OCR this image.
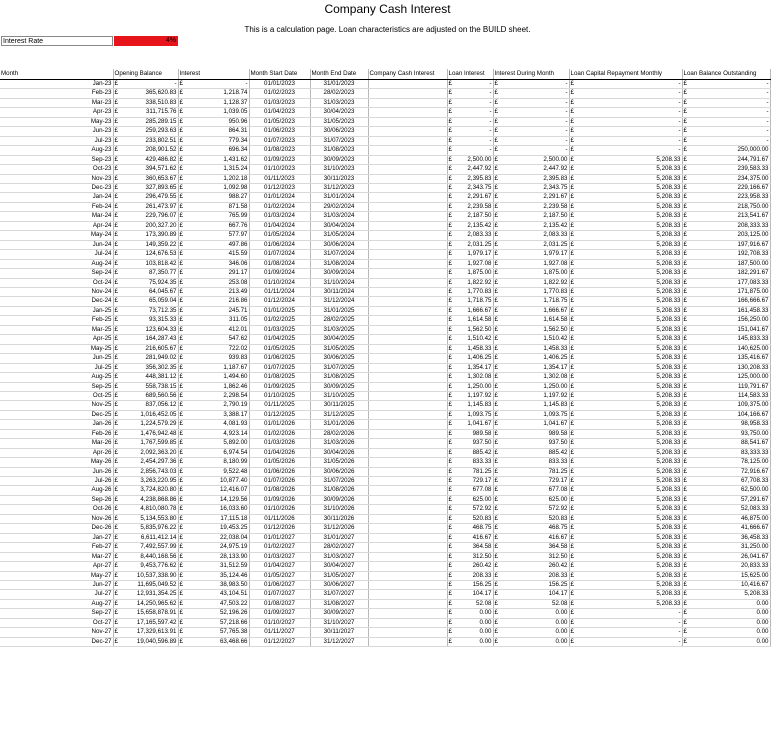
Company Cash Interest
This is a calculation page. Loan characteristics are adjusted on the BUILD sheet.
Interest Rate	4%
Month	Opening Balance	Interest	Month Start Date	Month End Date	Company Cash Interest	Loan Interest	Interest During Month	Loan Capital Repayment Monthly	Loan Balance Outstanding
Jan-23	£ -	£ -	01/01/2023	31/01/2023		£ -	£ -	£ -	£ -

Feb-23	£ 365,620.83	£ 1,218.74	01/02/2023	28/02/2023		£ -	£ -	£ -	£ -

Mar-23	£ 338,510.83	£ 1,128.37	01/03/2023	31/03/2023		£ -	£ -	£ -	£ -

Apr-23	£ 311,715.76	£ 1,039.05	01/04/2023	30/04/2023		£ -	£ -	£ -	£ -

May-23	£ 285,289.15	£ 950.96	01/05/2023	31/05/2023		£ -	£ -	£ -	£ -

Jun-23	£ 259,293.63	£ 864.31	01/06/2023	30/06/2023		£ -	£ -	£ -	£ -

Jul-23	£ 233,802.51	£ 779.34	01/07/2023	31/07/2023		£ -	£ -	£ -	£ -

Aug-23	£ 208,901.52	£ 696.34	01/08/2023	31/08/2023		£ -	£ -	£ -	£ 250,000.00

Sep-23	£ 429,486.82	£ 1,431.62	01/09/2023	30/09/2023		£ 2,500.00	£ 2,500.00	£ 5,208.33	£ 244,791.67

Oct-23	£ 394,571.62	£ 1,315.24	01/10/2023	31/10/2023		£ 2,447.92	£ 2,447.92	£ 5,208.33	£ 239,583.33

Nov-23	£ 360,653.67	£ 1,202.18	01/11/2023	30/11/2023		£ 2,395.83	£ 2,395.83	£ 5,208.33	£ 234,375.00

Dec-23	£ 327,893.65	£ 1,092.98	01/12/2023	31/12/2023		£ 2,343.75	£ 2,343.75	£ 5,208.33	£ 229,166.67

Jan-24	£ 296,479.55	£ 988.27	01/01/2024	31/01/2024		£ 2,291.67	£ 2,291.67	£ 5,208.33	£ 223,958.33

Feb-24	£ 261,473.97	£ 871.58	01/02/2024	29/02/2024		£ 2,239.58	£ 2,239.58	£ 5,208.33	£ 218,750.00

Mar-24	£ 229,796.07	£ 765.99	01/03/2024	31/03/2024		£ 2,187.50	£ 2,187.50	£ 5,208.33	£ 213,541.67

Apr-24	£ 200,327.20	£ 667.76	01/04/2024	30/04/2024		£ 2,135.42	£ 2,135.42	£ 5,208.33	£ 208,333.33

May-24	£ 173,390.89	£ 577.97	01/05/2024	31/05/2024		£ 2,083.33	£ 2,083.33	£ 5,208.33	£ 203,125.00

Jun-24	£ 149,359.22	£ 497.86	01/06/2024	30/06/2024		£ 2,031.25	£ 2,031.25	£ 5,208.33	£ 197,916.67

Jul-24	£ 124,676.53	£ 415.59	01/07/2024	31/07/2024		£ 1,979.17	£ 1,979.17	£ 5,208.33	£ 192,708.33

Aug-24	£ 103,818.42	£ 346.06	01/08/2024	31/08/2024		£ 1,927.08	£ 1,927.08	£ 5,208.33	£ 187,500.00

Sep-24	£ 87,350.77	£ 291.17	01/09/2024	30/09/2024		£ 1,875.00	£ 1,875.00	£ 5,208.33	£ 182,291.67

Oct-24	£ 75,924.35	£ 253.08	01/10/2024	31/10/2024		£ 1,822.92	£ 1,822.92	£ 5,208.33	£ 177,083.33

Nov-24	£ 64,045.67	£ 213.49	01/11/2024	30/11/2024		£ 1,770.83	£ 1,770.83	£ 5,208.33	£ 171,875.00

Dec-24	£ 65,059.04	£ 216.86	01/12/2024	31/12/2024		£ 1,718.75	£ 1,718.75	£ 5,208.33	£ 166,666.67

Jan-25	£ 73,712.35	£ 245.71	01/01/2025	31/01/2025		£ 1,666.67	£ 1,666.67	£ 5,208.33	£ 161,458.33

Feb-25	£ 93,315.33	£ 311.05	01/02/2025	28/02/2025		£ 1,614.58	£ 1,614.58	£ 5,208.33	£ 156,250.00

Mar-25	£ 123,604.33	£ 412.01	01/03/2025	31/03/2025		£ 1,562.50	£ 1,562.50	£ 5,208.33	£ 151,041.67

Apr-25	£ 164,287.43	£ 547.62	01/04/2025	30/04/2025		£ 1,510.42	£ 1,510.42	£ 5,208.33	£ 145,833.33

May-25	£ 216,605.67	£ 722.02	01/05/2025	31/05/2025		£ 1,458.33	£ 1,458.33	£ 5,208.33	£ 140,625.00

Jun-25	£ 281,949.02	£ 939.83	01/06/2025	30/06/2025		£ 1,406.25	£ 1,406.25	£ 5,208.33	£ 135,416.67

Jul-25	£ 356,302.35	£ 1,187.67	01/07/2025	31/07/2025		£ 1,354.17	£ 1,354.17	£ 5,208.33	£ 130,208.33

Aug-25	£ 448,381.12	£ 1,494.60	01/08/2025	31/08/2025		£ 1,302.08	£ 1,302.08	£ 5,208.33	£ 125,000.00

Sep-25	£ 558,738.15	£ 1,862.46	01/09/2025	30/09/2025		£ 1,250.00	£ 1,250.00	£ 5,208.33	£ 119,791.67

Oct-25	£ 689,560.56	£ 2,298.54	01/10/2025	31/10/2025		£ 1,197.92	£ 1,197.92	£ 5,208.33	£ 114,583.33

Nov-25	£ 837,056.12	£ 2,790.19	01/11/2025	30/11/2025		£ 1,145.83	£ 1,145.83	£ 5,208.33	£ 109,375.00

Dec-25	£ 1,016,452.05	£ 3,388.17	01/12/2025	31/12/2025		£ 1,093.75	£ 1,093.75	£ 5,208.33	£ 104,166.67

Jan-26	£ 1,224,579.29	£ 4,081.93	01/01/2026	31/01/2026		£ 1,041.67	£ 1,041.67	£ 5,208.33	£ 98,958.33

Feb-26	£ 1,476,942.48	£ 4,923.14	01/02/2026	28/02/2026		£ 989.58	£ 989.58	£ 5,208.33	£ 93,750.00

Mar-26	£ 1,767,599.85	£ 5,892.00	01/03/2026	31/03/2026		£ 937.50	£ 937.50	£ 5,208.33	£ 88,541.67

Apr-26	£ 2,092,363.20	£ 6,974.54	01/04/2026	30/04/2026		£ 885.42	£ 885.42	£ 5,208.33	£ 83,333.33

May-26	£ 2,454,297.36	£ 8,180.99	01/05/2026	31/05/2026		£ 833.33	£ 833.33	£ 5,208.33	£ 78,125.00

Jun-26	£ 2,856,743.03	£ 9,522.48	01/06/2026	30/06/2026		£ 781.25	£ 781.25	£ 5,208.33	£ 72,916.67

Jul-26	£ 3,263,220.95	£ 10,877.40	01/07/2026	31/07/2026		£ 729.17	£ 729.17	£ 5,208.33	£ 67,708.33

Aug-26	£ 3,724,820.80	£ 12,416.07	01/08/2026	31/08/2026		£ 677.08	£ 677.08	£ 5,208.33	£ 62,500.00

Sep-26	£ 4,238,868.86	£ 14,129.56	01/09/2026	30/09/2026		£ 625.00	£ 625.00	£ 5,208.33	£ 57,291.67

Oct-26	£ 4,810,080.78	£ 16,033.60	01/10/2026	31/10/2026		£ 572.92	£ 572.92	£ 5,208.33	£ 52,083.33

Nov-26	£ 5,134,553.80	£ 17,115.18	01/11/2026	30/11/2026		£ 520.83	£ 520.83	£ 5,208.33	£ 46,875.00

Dec-26	£ 5,835,976.22	£ 19,453.25	01/12/2026	31/12/2026		£ 468.75	£ 468.75	£ 5,208.33	£ 41,666.67

Jan-27	£ 6,611,412.14	£ 22,038.04	01/01/2027	31/01/2027		£ 416.67	£ 416.67	£ 5,208.33	£ 36,458.33

Feb-27	£ 7,492,557.99	£ 24,975.19	01/02/2027	28/02/2027		£ 364.58	£ 364.58	£ 5,208.33	£ 31,250.00

Mar-27	£ 8,440,168.56	£ 28,133.90	01/03/2027	31/03/2027		£ 312.50	£ 312.50	£ 5,208.33	£ 26,041.67

Apr-27	£ 9,453,776.62	£ 31,512.59	01/04/2027	30/04/2027		£ 260.42	£ 260.42	£ 5,208.33	£ 20,833.33

May-27	£ 10,537,338.90	£ 35,124.46	01/05/2027	31/05/2027		£ 208.33	£ 208.33	£ 5,208.33	£ 15,625.00

Jun-27	£ 11,695,049.52	£ 38,983.50	01/06/2027	30/06/2027		£ 156.25	£ 156.25	£ 5,208.33	£ 10,416.67

Jul-27	£ 12,931,354.25	£ 43,104.51	01/07/2027	31/07/2027		£ 104.17	£ 104.17	£ 5,208.33	£ 5,208.33

Aug-27	£ 14,250,965.62	£ 47,503.22	01/08/2027	31/08/2027		£ 52.08	£ 52.08	£ 5,208.33	£ 0.00

Sep-27	£ 15,658,878.91	£ 52,196.26	01/09/2027	30/09/2027		£ 0.00	£ 0.00	£ -	£ 0.00

Oct-27	£ 17,165,597.42	£ 57,218.66	01/10/2027	31/10/2027		£ 0.00	£ 0.00	£ -	£ 0.00

Nov-27	£ 17,329,613.91	£ 57,765.38	01/11/2027	30/11/2027		£ 0.00	£ 0.00	£ -	£ 0.00

Dec-27	£ 19,040,596.89	£ 63,468.66	01/12/2027	31/12/2027		£ 0.00	£ 0.00	£ -	£ 0.00
